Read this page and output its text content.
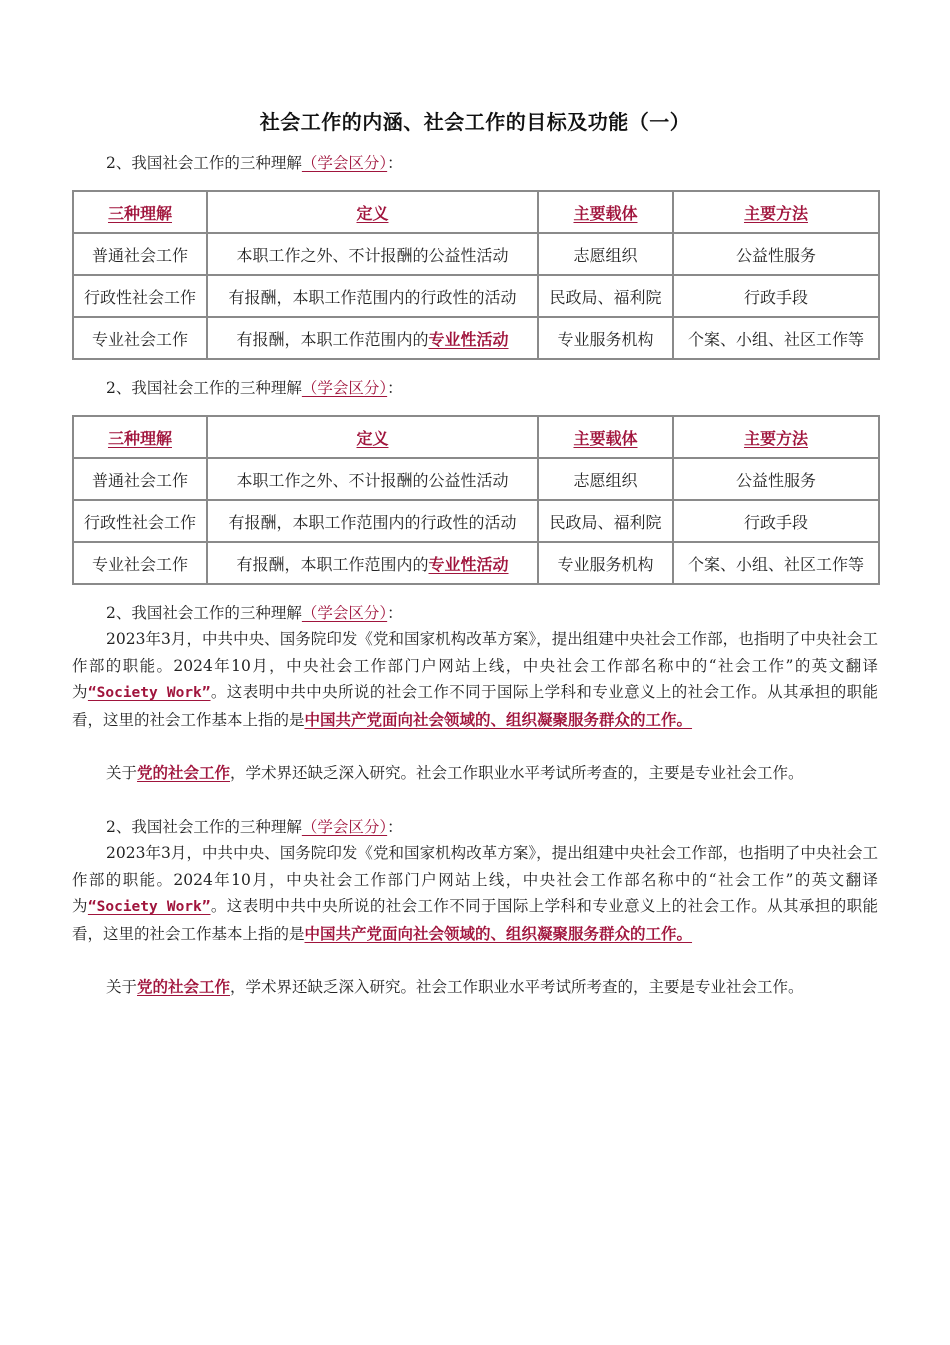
社会工作的内涵、社会工作的目标及功能（一）
2、我国社会工作的三种理解（学会区分）：
三种理解	定义	主要载体	主要方法
普通社会工作	本职工作之外、不计报酬的公益性活动	志愿组织	公益性服务
行政性社会工作	有报酬，本职工作范围内的行政性的活动	民政局、福利院	行政手段
专业社会工作	有报酬，本职工作范围内的专业性活动	专业服务机构	个案、小组、社区工作等
2、我国社会工作的三种理解（学会区分）：
三种理解	定义	主要载体	主要方法
普通社会工作	本职工作之外、不计报酬的公益性活动	志愿组织	公益性服务
行政性社会工作	有报酬，本职工作范围内的行政性的活动	民政局、福利院	行政手段
专业社会工作	有报酬，本职工作范围内的专业性活动	专业服务机构	个案、小组、社区工作等
2、我国社会工作的三种理解（学会区分）：
2023年3月，中共中央、国务院印发《党和国家机构改革方案》，提出组建中央社会工作部，也指明了中央社会工作部的职能。2024年10月，中央社会工作部门户网站上线，中央社会工作部名称中的“社会工作”的英文翻译为“Society Work”。这表明中共中央所说的社会工作不同于国际上学科和专业意义上的社会工作。从其承担的职能看，这里的社会工作基本上指的是中国共产党面向社会领域的、组织凝聚服务群众的工作。
关于党的社会工作，学术界还缺乏深入研究。社会工作职业水平考试所考查的，主要是专业社会工作。
2、我国社会工作的三种理解（学会区分）：
2023年3月，中共中央、国务院印发《党和国家机构改革方案》，提出组建中央社会工作部，也指明了中央社会工作部的职能。2024年10月，中央社会工作部门户网站上线，中央社会工作部名称中的“社会工作”的英文翻译为“Society Work”。这表明中共中央所说的社会工作不同于国际上学科和专业意义上的社会工作。从其承担的职能看，这里的社会工作基本上指的是中国共产党面向社会领域的、组织凝聚服务群众的工作。
关于党的社会工作，学术界还缺乏深入研究。社会工作职业水平考试所考查的，主要是专业社会工作。
